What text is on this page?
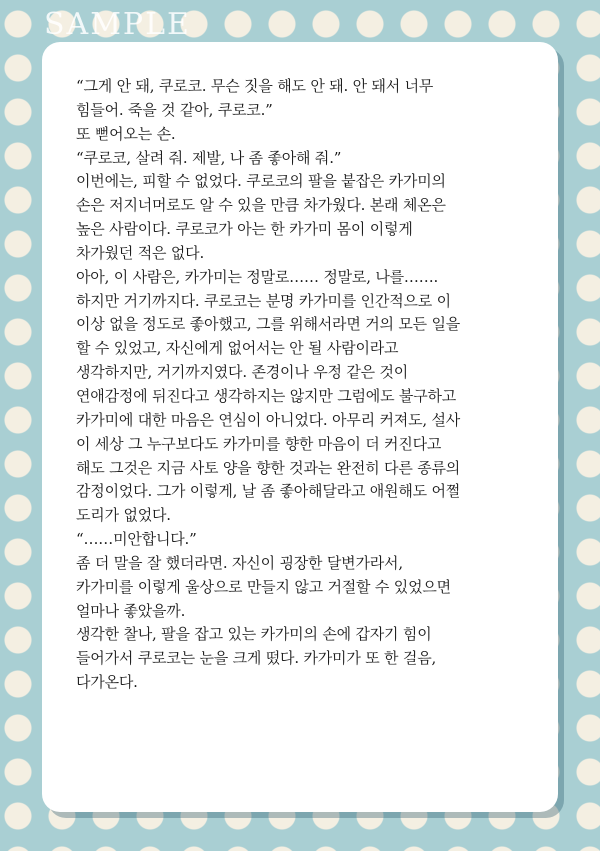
SAMPLE
“그게 안 돼, 쿠로코. 무슨 짓을 해도 안 돼. 안 돼서 너무
힘들어. 죽을 것 같아, 쿠로코.”
또 뻗어오는 손.
“쿠로코, 살려 줘. 제발, 나 좀 좋아해 줘.”
이번에는, 피할 수 없었다. 쿠로코의 팔을 붙잡은 카가미의
손은 저지너머로도 알 수 있을 만큼 차가웠다. 본래 체온은
높은 사람이다. 쿠로코가 아는 한 카가미 몸이 이렇게
차가웠던 적은 없다.
아아, 이 사람은, 카가미는 정말로…… 정말로, 나를…….
하지만 거기까지다. 쿠로코는 분명 카가미를 인간적으로 이
이상 없을 정도로 좋아했고, 그를 위해서라면 거의 모든 일을
할 수 있었고, 자신에게 없어서는 안 될 사람이라고
생각하지만, 거기까지였다. 존경이나 우정 같은 것이
연애감정에 뒤진다고 생각하지는 않지만 그럼에도 불구하고
카가미에 대한 마음은 연심이 아니었다. 아무리 커져도, 설사
이 세상 그 누구보다도 카가미를 향한 마음이 더 커진다고
해도 그것은 지금 사토 양을 향한 것과는 완전히 다른 종류의
감정이었다. 그가 이렇게, 날 좀 좋아해달라고 애원해도 어쩔
도리가 없었다.
“……미안합니다.”
좀 더 말을 잘 했더라면. 자신이 굉장한 달변가라서,
카가미를 이렇게 울상으로 만들지 않고 거절할 수 있었으면
얼마나 좋았을까.
생각한 찰나, 팔을 잡고 있는 카가미의 손에 갑자기 힘이
들어가서 쿠로코는 눈을 크게 떴다. 카가미가 또 한 걸음,
다가온다.
